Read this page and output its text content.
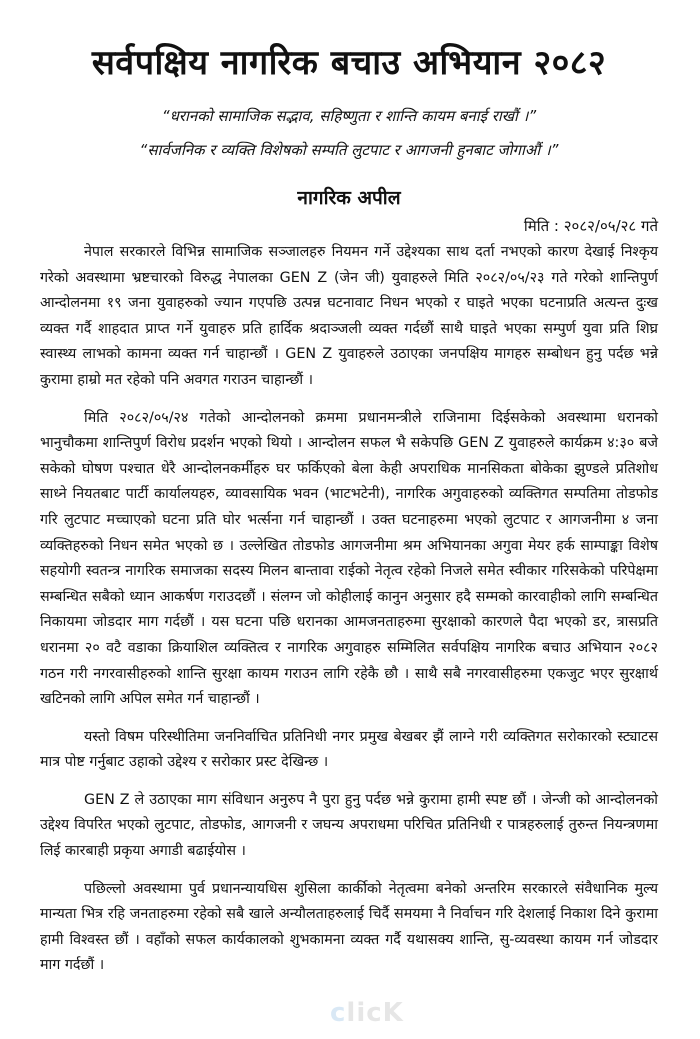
सर्वपक्षिय नागरिक बचाउ अभियान २०८२
“धरानको सामाजिक सद्भाव, सहिष्णुता र शान्ति कायम बनाई राखौं ।”
“सार्वजनिक र व्यक्ति विशेषको सम्पति लुटपाट र आगजनी हुनबाट जोगाऔं ।”
नागरिक अपील
मिति : २०८२/०५/२८ गते

नेपाल सरकारले विभिन्न सामाजिक सञ्जालहरु नियमन गर्ने उद्देश्यका साथ दर्ता नभएको कारण देखाई निश्कृय गरेको अवस्थामा भ्रष्टचारको विरुद्ध नेपालका GEN Z (जेन जी) युवाहरुले मिति २०८२/०५/२३ गते गरेको शान्तिपुर्ण आन्दोलनमा १९ जना युवाहरुको ज्यान गएपछि उत्पन्न घटनावाट निधन भएको र घाइते भएका घटनाप्रति अत्यन्त दुःख व्यक्त गर्दै शाहदात प्राप्त गर्ने युवाहरु प्रति हार्दिक श्रदाञ्जली व्यक्त गर्दछौं साथै घाइते भएका सम्पुर्ण युवा प्रति शिघ्र स्वास्थ्य लाभको कामना व्यक्त गर्न चाहान्छौं । GEN Z युवाहरुले उठाएका जनपक्षिय मागहरु सम्बोधन हुनु पर्दछ भन्ने कुरामा हाम्रो मत रहेको पनि अवगत गराउन चाहान्छौं ।

मिति २०८२/०५/२४ गतेको आन्दोलनको क्रममा प्रधानमन्त्रीले राजिनामा दिईसकेको अवस्थामा धरानको भानुचौकमा शान्तिपुर्ण विरोध प्रदर्शन भएको थियो । आन्दोलन सफल भै सकेपछि GEN Z युवाहरुले कार्यक्रम ४:३० बजे सकेको घोषण पश्चात धेरै आन्दोलनकर्मीहरु घर फर्किएको बेला केही अपराधिक मानसिकता बोकेका झुण्डले प्रतिशोध साध्ने नियतबाट पार्टी कार्यालयहरु, व्यावसायिक भवन (भाटभटेनी), नागरिक अगुवाहरुको व्यक्तिगत सम्पतिमा तोडफोड गरि लुटपाट मच्चाएको घटना प्रति घोर भर्त्सना गर्न चाहान्छौं । उक्त घटनाहरुमा भएको लुटपाट र आगजनीमा ४ जना व्यक्तिहरुको निधन समेत भएको छ । उल्लेखित तोडफोड आगजनीमा श्रम अभियानका अगुवा मेयर हर्क साम्पाङ्का विशेष सहयोगी स्वतन्त्र नागरिक समाजका सदस्य मिलन बान्तावा राईको नेतृत्व रहेको निजले समेत स्वीकार गरिसकेको परिपेक्षमा सम्बन्धित सबैको ध्यान आकर्षण गराउदछौं । संलग्न जो कोहीलाई कानुन अनुसार हदै सम्मको कारवाहीको लागि सम्बन्धित निकायमा जोडदार माग गर्दछौं । यस घटना पछि धरानका आमजनताहरुमा सुरक्षाको कारणले पैदा भएको डर, त्रासप्रति धरानमा २० वटै वडाका क्रियाशिल व्यक्तित्व र नागरिक अगुवाहरु सम्मिलित सर्वपक्षिय नागरिक बचाउ अभियान २०८२ गठन गरी नगरवासीहरुको शान्ति सुरक्षा कायम गराउन लागि रहेकै छौ । साथै सबै नगरवासीहरुमा एकजुट भएर सुरक्षार्थ खटिनको लागि अपिल समेत गर्न चाहान्छौं ।

यस्तो विषम परिस्थीतिमा जननिर्वाचित प्रतिनिधी नगर प्रमुख बेखबर झैं लाग्ने गरी व्यक्तिगत सरोकारको स्ट्याटस मात्र पोष्ट गर्नुबाट उहाको उद्देश्य र सरोकार प्रस्ट देखिन्छ ।

GEN Z ले उठाएका माग संविधान अनुरुप नै पुरा हुनु पर्दछ भन्ने कुरामा हामी स्पष्ट छौं । जेन्जी को आन्दोलनको उद्देश्य विपरित भएको लुटपाट, तोडफोड, आगजनी र जघन्य अपराधमा परिचित प्रतिनिधी र पात्रहरुलाई तुरुन्त नियन्त्रणमा लिई कारबाही प्रकृया अगाडी बढाईयोस ।

पछिल्लो अवस्थामा पुर्व प्रधानन्यायधिस शुसिला कार्कीको नेतृत्वमा बनेको अन्तरिम सरकारले संवैधानिक मुल्य मान्यता भित्र रहि जनताहरुमा रहेको सबै खाले अन्यौलताहरुलाई चिर्दै समयमा नै निर्वाचन गरि देशलाई निकाश दिने कुरामा हामी विश्वस्त छौं । वहाँको सफल कार्यकालको शुभकामना व्यक्त गर्दै यथासक्य शान्ति, सु-व्यवस्था कायम गर्न जोडदार माग गर्दछौं ।

clicK
